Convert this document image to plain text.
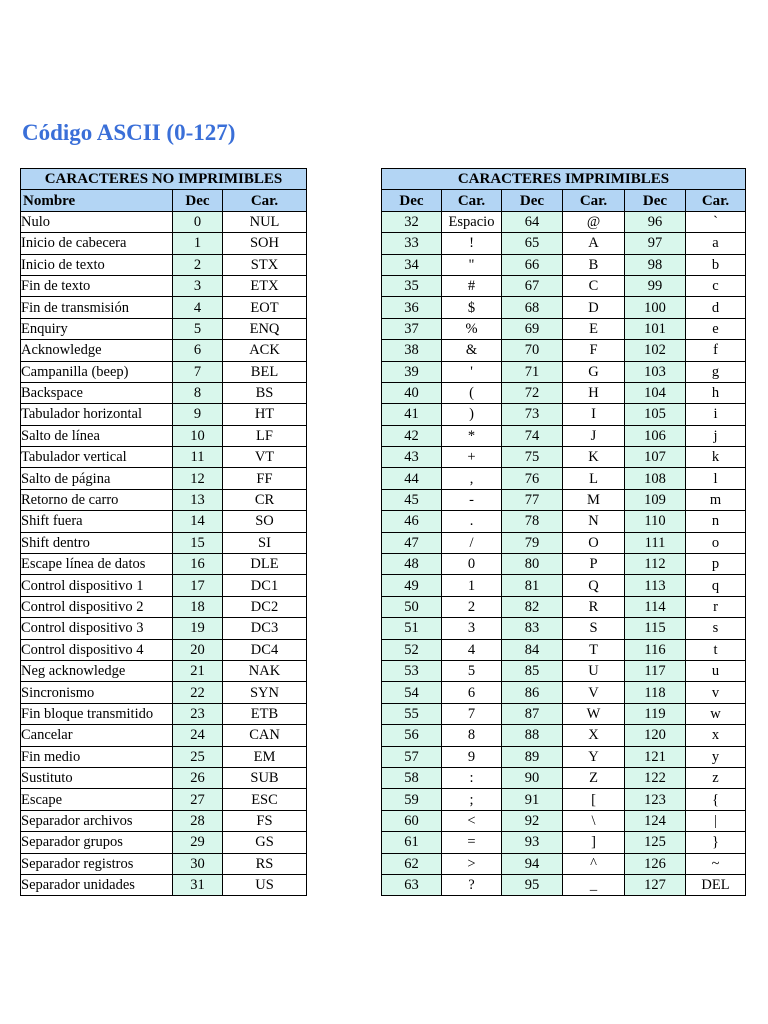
Código ASCII (0-127)
CARACTERES NO IMPRIMIBLES		
Nombre	Dec	Car.
Nulo	0	NUL
Inicio de cabecera	1	SOH
Inicio de texto	2	STX
Fin de texto	3	ETX
Fin de transmisión	4	EOT
Enquiry	5	ENQ
Acknowledge	6	ACK
Campanilla (beep)	7	BEL
Backspace	8	BS
Tabulador horizontal	9	HT
Salto de línea	10	LF
Tabulador vertical	11	VT
Salto de página	12	FF
Retorno de carro	13	CR
Shift fuera	14	SO
Shift dentro	15	SI
Escape línea de datos	16	DLE
Control dispositivo 1	17	DC1
Control dispositivo 2	18	DC2
Control dispositivo 3	19	DC3
Control dispositivo 4	20	DC4
Neg acknowledge	21	NAK
Sincronismo	22	SYN
Fin bloque transmitido	23	ETB
Cancelar	24	CAN
Fin medio	25	EM
Sustituto	26	SUB
Escape	27	ESC
Separador archivos	28	FS
Separador grupos	29	GS
Separador registros	30	RS
Separador unidades	31	US
CARACTERES IMPRIMIBLES					
Dec	Car.	Dec	Car.	Dec	Car.
32	Espacio	64	@	96	`
33	!	65	A	97	a
34	"	66	B	98	b
35	#	67	C	99	c
36	$	68	D	100	d
37	%	69	E	101	e
38	&	70	F	102	f
39	'	71	G	103	g
40	(	72	H	104	h
41	)	73	I	105	i
42	*	74	J	106	j
43	+	75	K	107	k
44	,	76	L	108	l
45	-	77	M	109	m
46	.	78	N	110	n
47	/	79	O	111	o
48	0	80	P	112	p
49	1	81	Q	113	q
50	2	82	R	114	r
51	3	83	S	115	s
52	4	84	T	116	t
53	5	85	U	117	u
54	6	86	V	118	v
55	7	87	W	119	w
56	8	88	X	120	x
57	9	89	Y	121	y
58	:	90	Z	122	z
59	;	91	[	123	{
60	<	92	\	124	|
61	=	93	]	125	}
62	>	94	^	126	~
63	?	95	_	127	DEL
